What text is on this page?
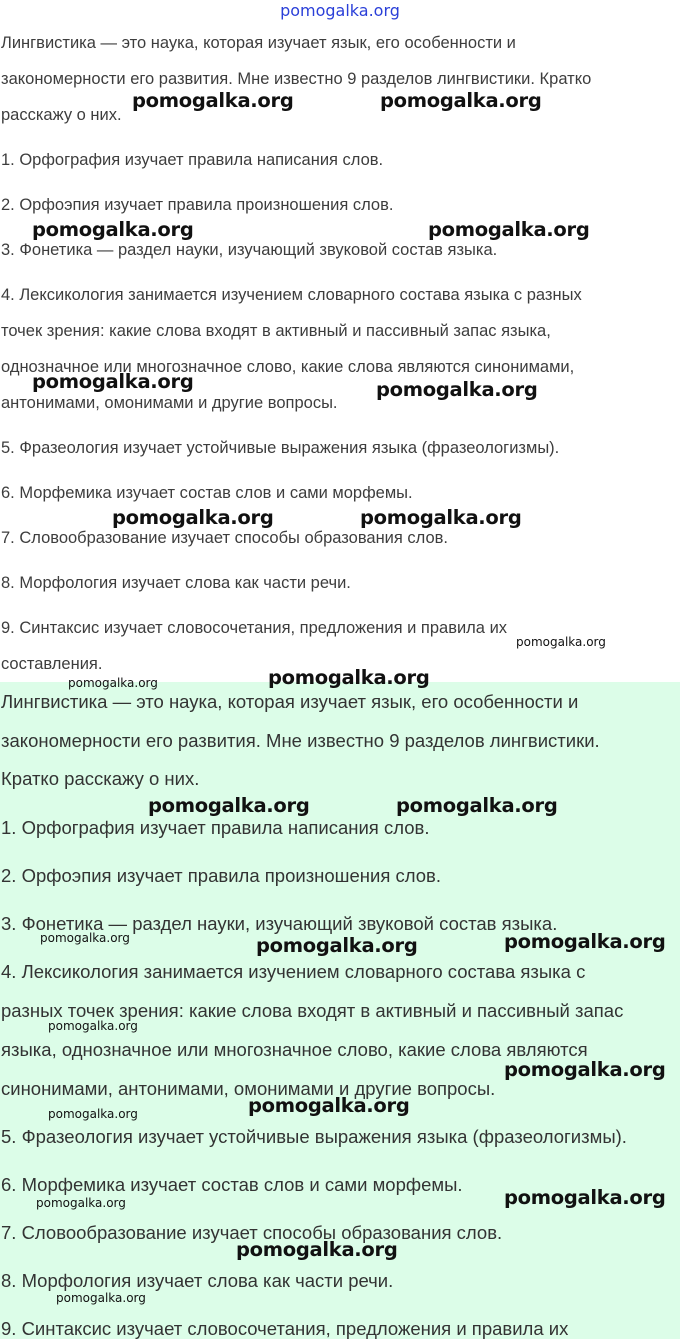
pomogalka.org
Лингвистика — это наука, которая изучает язык, его особенности и
закономерности его развития. Мне известно 9 разделов лингвистики. Кратко
расскажу о них.
1. Орфография изучает правила написания слов.
2. Орфоэпия изучает правила произношения слов.
3. Фонетика — раздел науки, изучающий звуковой состав языка.
4. Лексикология занимается изучением словарного состава языка с разных
точек зрения: какие слова входят в активный и пассивный запас языка,
однозначное или многозначное слово, какие слова являются синонимами,
антонимами, омонимами и другие вопросы.
5. Фразеология изучает устойчивые выражения языка (фразеологизмы).
6. Морфемика изучает состав слов и сами морфемы.
7. Словообразование изучает способы образования слов.
8. Морфология изучает слова как части речи.
9. Синтаксис изучает словосочетания, предложения и правила их
составления.
Лингвистика — это наука, которая изучает язык, его особенности и
закономерности его развития. Мне известно 9 разделов лингвистики.
Кратко расскажу о них.
1. Орфография изучает правила написания слов.
2. Орфоэпия изучает правила произношения слов.
3. Фонетика — раздел науки, изучающий звуковой состав языка.
4. Лексикология занимается изучением словарного состава языка с
разных точек зрения: какие слова входят в активный и пассивный запас
языка, однозначное или многозначное слово, какие слова являются
синонимами, антонимами, омонимами и другие вопросы.
5. Фразеология изучает устойчивые выражения языка (фразеологизмы).
6. Морфемика изучает состав слов и сами морфемы.
7. Словообразование изучает способы образования слов.
8. Морфология изучает слова как части речи.
9. Синтаксис изучает словосочетания, предложения и правила их
pomogalka.org	pomogalka.org
pomogalka.org	pomogalka.org
pomogalka.org	pomogalka.org
pomogalka.org	pomogalka.org
pomogalka.org
pomogalka.org
pomogalka.org
pomogalka.org	pomogalka.org
pomogalka.org	pomogalka.org	pomogalka.org
pomogalka.org
pomogalka.org
pomogalka.org
pomogalka.org
pomogalka.org	pomogalka.org
pomogalka.org
pomogalka.org
